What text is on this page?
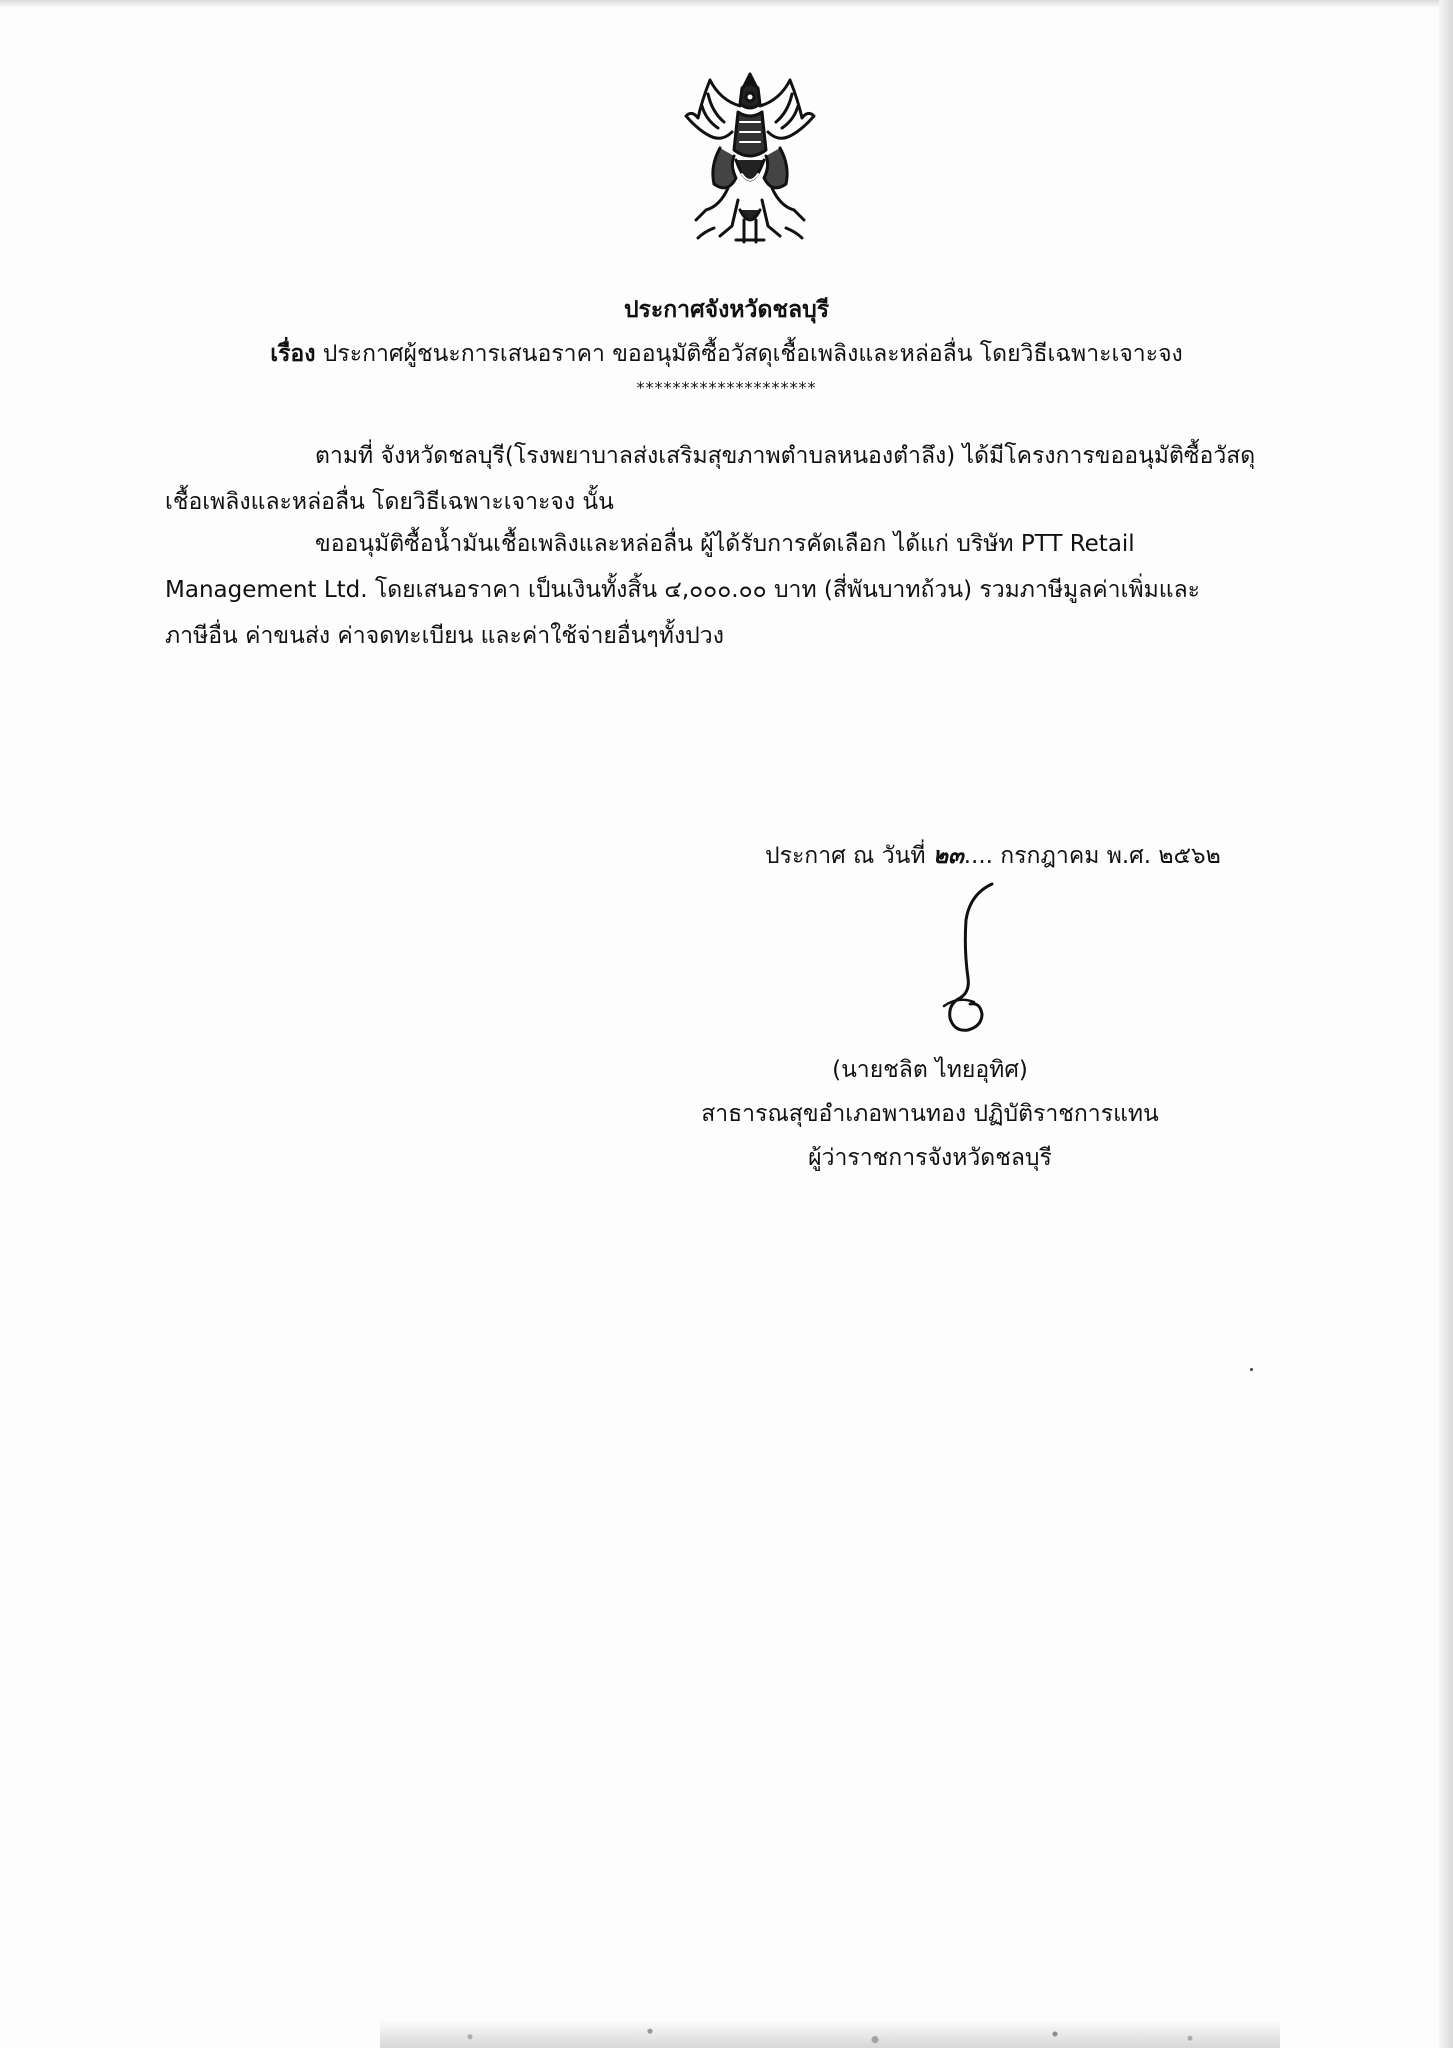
ประกาศจังหวัดชลบุรี
เรื่อง ประกาศผู้ชนะการเสนอราคา ขออนุมัติซื้อวัสดุเชื้อเพลิงและหล่อลื่น โดยวิธีเฉพาะเจาะจง
********************
ตามที่ จังหวัดชลบุรี(โรงพยาบาลส่งเสริมสุขภาพตำบลหนองตำลึง) ได้มีโครงการขออนุมัติซื้อวัสดุ
เชื้อเพลิงและหล่อลื่น โดยวิธีเฉพาะเจาะจง นั้น
ขออนุมัติซื้อน้ำมันเชื้อเพลิงและหล่อลื่น ผู้ได้รับการคัดเลือก ได้แก่ บริษัท PTT Retail
Management Ltd. โดยเสนอราคา เป็นเงินทั้งสิ้น ๔,๐๐๐.๐๐ บาท (สี่พันบาทถ้วน) รวมภาษีมูลค่าเพิ่มและ
ภาษีอื่น ค่าขนส่ง ค่าจดทะเบียน และค่าใช้จ่ายอื่นๆทั้งปวง
ประกาศ ณ วันที่ ๒๓.... กรกฎาคม พ.ศ. ๒๕๖๒
(นายชลิต ไทยอุทิศ)
สาธารณสุขอำเภอพานทอง ปฏิบัติราชการแทน
ผู้ว่าราชการจังหวัดชลบุรี
